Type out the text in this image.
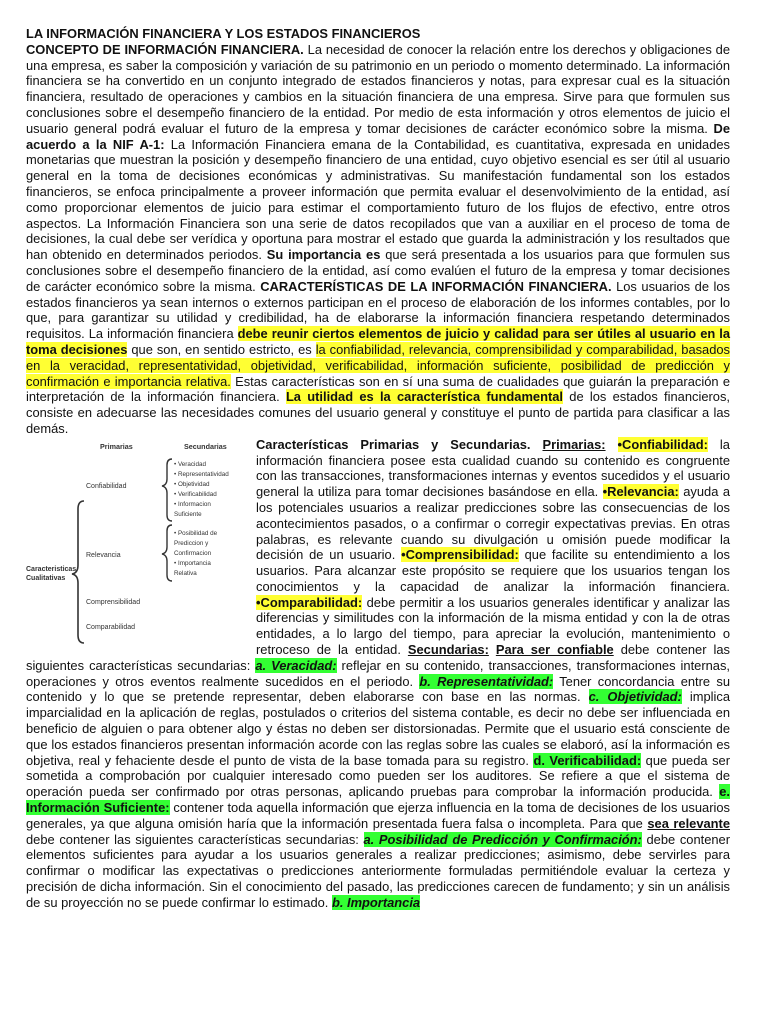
LA INFORMACIÓN FINANCIERA Y LOS ESTADOS FINANCIEROS

CONCEPTO DE INFORMACIÓN FINANCIERA. La necesidad de conocer la relación entre los derechos y obligaciones de una empresa, es saber la composición y variación de su patrimonio en un periodo o momento determinado. La información financiera se ha convertido en un conjunto integrado de estados financieros y notas, para expresar cual es la situación financiera, resultado de operaciones y cambios en la situación financiera de una empresa. Sirve para que formulen sus conclusiones sobre el desempeño financiero de la entidad. Por medio de esta información y otros elementos de juicio el usuario general podrá evaluar el futuro de la empresa y tomar decisiones de carácter económico sobre la misma. De acuerdo a la NIF A-1: La Información Financiera emana de la Contabilidad, es cuantitativa, expresada en unidades monetarias que muestran la posición y desempeño financiero de una entidad, cuyo objetivo esencial es ser útil al usuario general en la toma de decisiones económicas y administrativas. Su manifestación fundamental son los estados financieros, se enfoca principalmente a proveer información que permita evaluar el desenvolvimiento de la entidad, así como proporcionar elementos de juicio para estimar el comportamiento futuro de los flujos de efectivo, entre otros aspectos. La Información Financiera son una serie de datos recopilados que van a auxiliar en el proceso de toma de decisiones, la cual debe ser verídica y oportuna para mostrar el estado que guarda la administración y los resultados que han obtenido en determinados periodos. Su importancia es que será presentada a los usuarios para que formulen sus conclusiones sobre el desempeño financiero de la entidad, así como evalúen el futuro de la empresa y tomar decisiones de carácter económico sobre la misma. CARACTERÍSTICAS DE LA INFORMACIÓN FINANCIERA. Los usuarios de los estados financieros ya sean internos o externos participan en el proceso de elaboración de los informes contables, por lo que, para garantizar su utilidad y credibilidad, ha de elaborarse la información financiera respetando determinados requisitos. La información financiera debe reunir ciertos elementos de juicio y calidad para ser útiles al usuario en la toma decisiones que son, en sentido estricto, es la confiabilidad, relevancia, comprensibilidad y comparabilidad, basados en la veracidad, representatividad, objetividad, verificabilidad, información suficiente, posibilidad de predicción y confirmación e importancia relativa. Estas características son en sí una suma de cualidades que guiarán la preparación e interpretación de la información financiera. La utilidad es la característica fundamental de los estados financieros, consiste en adecuarse las necesidades comunes del usuario general y constituye el punto de partida para clasificar a las demás.

Primarias	Secundarias
Caracteristicas
Cualitativas
Confiabilidad
Relevancia
Comprensibilidad
Comparabilidad
• Veracidad
• Representatividad
• Objetividad
• Verificabilidad
• Informacion
Suficiente
• Posibilidad de
Prediccion y
Confirmacion
• Importancia
Relativa

Características Primarias y Secundarias. Primarias: •Confiabilidad: la información financiera posee esta cualidad cuando su contenido es congruente con las transacciones, transformaciones internas y eventos sucedidos y el usuario general la utiliza para tomar decisiones basándose en ella. •Relevancia: ayuda a los potenciales usuarios a realizar predicciones sobre las consecuencias de los acontecimientos pasados, o a confirmar o corregir expectativas previas. En otras palabras, es relevante cuando su divulgación u omisión puede modificar la decisión de un usuario. •Comprensibilidad: que facilite su entendimiento a los usuarios. Para alcanzar este propósito se requiere que los usuarios tengan los conocimientos y la capacidad de analizar la información financiera. •Comparabilidad: debe permitir a los usuarios generales identificar y analizar las diferencias y similitudes con la información de la misma entidad y con la de otras entidades, a lo largo del tiempo, para apreciar la evolución, mantenimiento o retroceso de la entidad. Secundarias: Para ser confiable debe contener las siguientes características secundarias: a. Veracidad: reflejar en su contenido, transacciones, transformaciones internas, operaciones y otros eventos realmente sucedidos en el periodo. b. Representatividad: Tener concordancia entre su contenido y lo que se pretende representar, deben elaborarse con base en las normas. c. Objetividad: implica imparcialidad en la aplicación de reglas, postulados o criterios del sistema contable, es decir no debe ser influenciada en beneficio de alguien o para obtener algo y éstas no deben ser distorsionadas. Permite que el usuario está consciente de que los estados financieros presentan información acorde con las reglas sobre las cuales se elaboró, así la información es objetiva, real y fehaciente desde el punto de vista de la base tomada para su registro. d. Verificabilidad: que pueda ser sometida a comprobación por cualquier interesado como pueden ser los auditores. Se refiere a que el sistema de operación pueda ser confirmado por otras personas, aplicando pruebas para comprobar la información producida. e. Información Suficiente: contener toda aquella información que ejerza influencia en la toma de decisiones de los usuarios generales, ya que alguna omisión haría que la información presentada fuera falsa o incompleta. Para que sea relevante debe contener las siguientes características secundarias: a. Posibilidad de Predicción y Confirmación: debe contener elementos suficientes para ayudar a los usuarios generales a realizar predicciones; asimismo, debe servirles para confirmar o modificar las expectativas o predicciones anteriormente formuladas permitiéndole evaluar la certeza y precisión de dicha información. Sin el conocimiento del pasado, las predicciones carecen de fundamento; y sin un análisis de su proyección no se puede confirmar lo estimado. b. Importancia
